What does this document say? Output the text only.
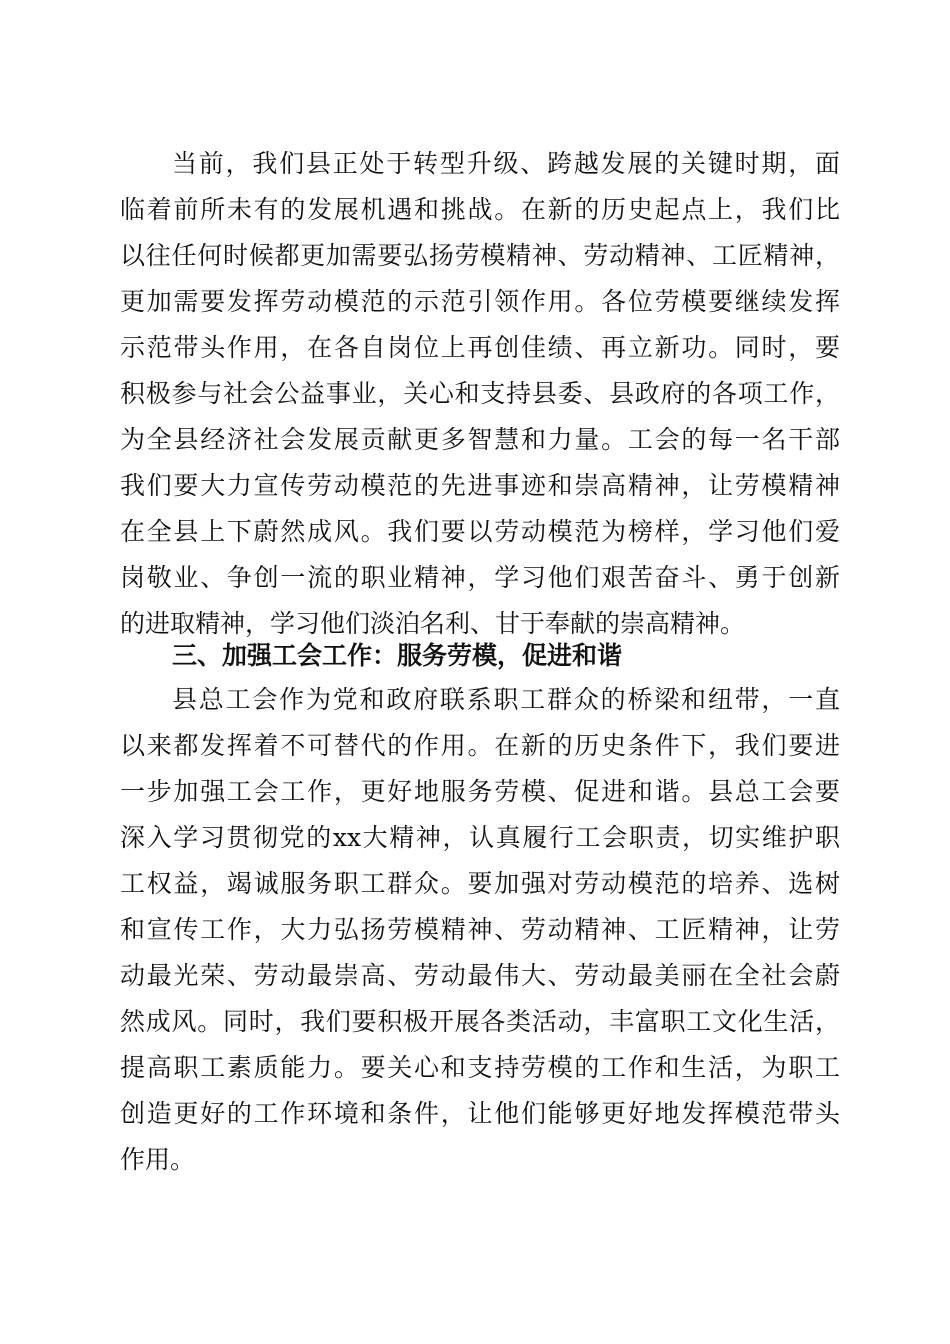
当前，我们县正处于转型升级、跨越发展的关键时期，面
临着前所未有的发展机遇和挑战。在新的历史起点上，我们比
以往任何时候都更加需要弘扬劳模精神、劳动精神、工匠精神，
更加需要发挥劳动模范的示范引领作用。各位劳模要继续发挥
示范带头作用，在各自岗位上再创佳绩、再立新功。同时，要
积极参与社会公益事业，关心和支持县委、县政府的各项工作，
为全县经济社会发展贡献更多智慧和力量。工会的每一名干部
我们要大力宣传劳动模范的先进事迹和崇高精神，让劳模精神
在全县上下蔚然成风。我们要以劳动模范为榜样，学习他们爱
岗敬业、争创一流的职业精神，学习他们艰苦奋斗、勇于创新
的进取精神，学习他们淡泊名利、甘于奉献的崇高精神。
三、加强工会工作：服务劳模，促进和谐
县总工会作为党和政府联系职工群众的桥梁和纽带，一直
以来都发挥着不可替代的作用。在新的历史条件下，我们要进
一步加强工会工作，更好地服务劳模、促进和谐。县总工会要
深入学习贯彻党的xx大精神，认真履行工会职责，切实维护职
工权益，竭诚服务职工群众。要加强对劳动模范的培养、选树
和宣传工作，大力弘扬劳模精神、劳动精神、工匠精神，让劳
动最光荣、劳动最崇高、劳动最伟大、劳动最美丽在全社会蔚
然成风。同时，我们要积极开展各类活动，丰富职工文化生活，
提高职工素质能力。要关心和支持劳模的工作和生活，为职工
创造更好的工作环境和条件，让他们能够更好地发挥模范带头
作用。
